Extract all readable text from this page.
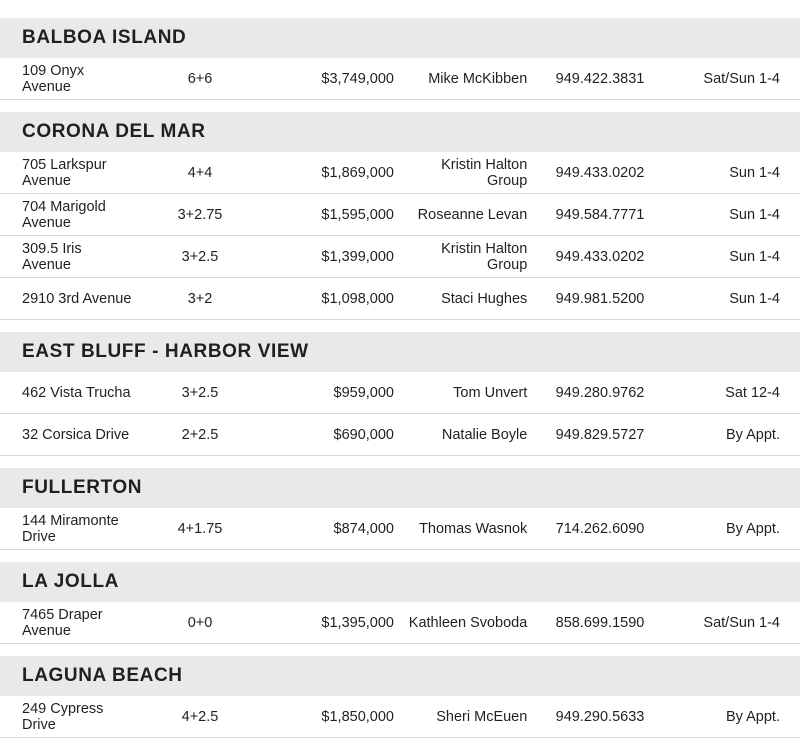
BALBOA ISLAND					

109 Onyx Avenue	6+6	$3,749,000	Mike McKibben	949.422.3831	Sat/Sun 1-4

CORONA DEL MAR					

705 Larkspur Avenue	4+4	$1,869,000	Kristin Halton Group	949.433.0202	Sun 1-4
704 Marigold Avenue	3+2.75	$1,595,000	Roseanne Levan	949.584.7771	Sun 1-4
309.5 Iris Avenue	3+2.5	$1,399,000	Kristin Halton Group	949.433.0202	Sun 1-4
2910 3rd Avenue	3+2	$1,098,000	Staci Hughes	949.981.5200	Sun 1-4

EAST BLUFF - HARBOR VIEW					

462 Vista Trucha	3+2.5	$959,000	Tom Unvert	949.280.9762	Sat 12-4
32 Corsica Drive	2+2.5	$690,000	Natalie Boyle	949.829.5727	By Appt.

FULLERTON					

144 Miramonte Drive	4+1.75	$874,000	Thomas Wasnok	714.262.6090	By Appt.

LA JOLLA					

7465 Draper Avenue	0+0	$1,395,000	Kathleen Svoboda	858.699.1590	Sat/Sun 1-4

LAGUNA BEACH					

249 Cypress Drive	4+2.5	$1,850,000	Sheri McEuen	949.290.5633	By Appt.
